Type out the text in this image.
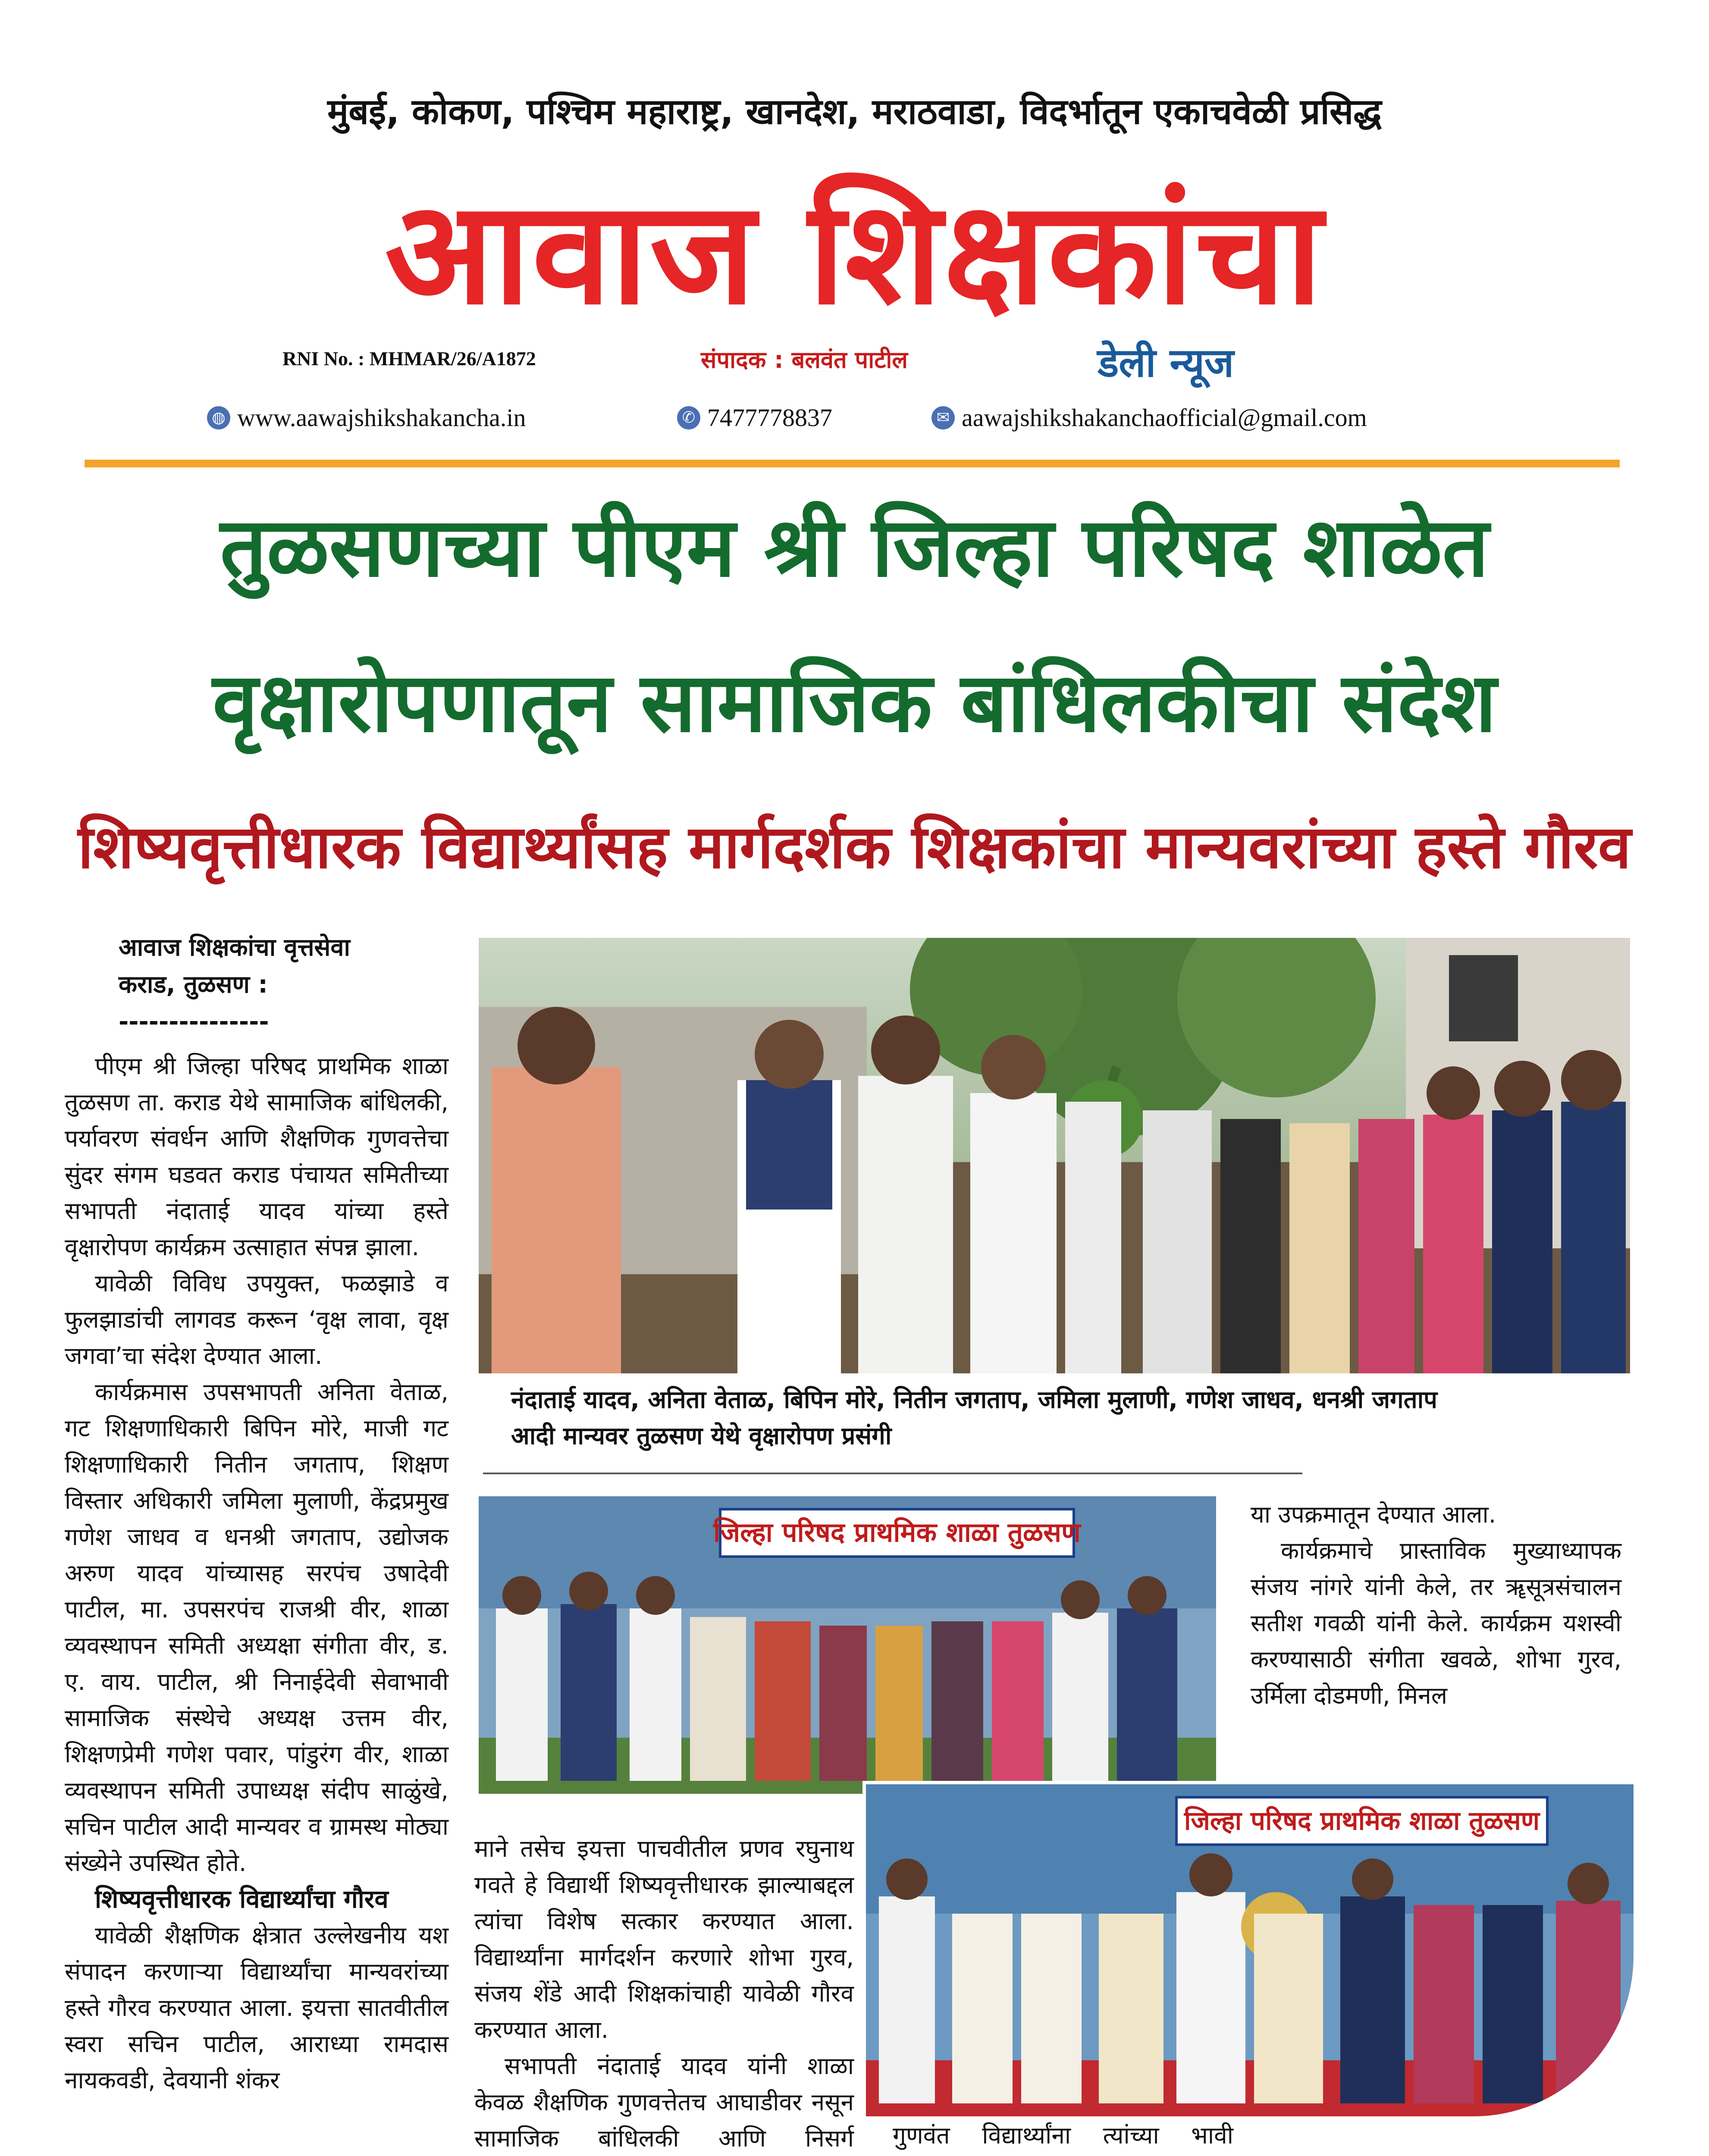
मुंबई, कोकण, पश्चिम महाराष्ट्र, खानदेश, मराठवाडा, विदर्भातून एकाचवेळी प्रसिद्ध
आवाज शिक्षकांचा
RNI No. : MHMAR/26/A1872	संपादक : बलवंत पाटील	डेली न्यूज
◍ www.aawajshikshakancha.in	✆ 7477778837	✉ aawajshikshakanchaofficial@gmail.com
तुळसणच्या पीएम श्री जिल्हा परिषद शाळेत
वृक्षारोपणातून सामाजिक बांधिलकीचा संदेश
शिष्यवृत्तीधारक विद्यार्थ्यांसह मार्गदर्शक शिक्षकांचा मान्यवरांच्या हस्ते गौरव
आवाज शिक्षकांचा वृत्तसेवा
कराड, तुळसण :
---------------

पीएम श्री जिल्हा परिषद प्राथमिक शाळा तुळसण ता. कराड येथे सामाजिक बांधिलकी, पर्यावरण संवर्धन आणि शैक्षणिक गुणवत्तेचा सुंदर संगम घडवत कराड पंचायत समितीच्या सभापती नंदाताई यादव यांच्या हस्ते वृक्षारोपण कार्यक्रम उत्साहात संपन्न झाला.

यावेळी विविध उपयुक्त, फळझाडे व फुलझाडांची लागवड करून ‘वृक्ष लावा, वृक्ष जगवा’चा संदेश देण्यात आला.

कार्यक्रमास उपसभापती अनिता वेताळ, गट शिक्षणाधिकारी बिपिन मोरे, माजी गट शिक्षणाधिकारी नितीन जगताप, शिक्षण विस्तार अधिकारी जमिला मुलाणी, केंद्रप्रमुख गणेश जाधव व धनश्री जगताप, उद्योजक अरुण यादव यांच्यासह सरपंच उषादेवी पाटील, मा. उपसरपंच राजश्री वीर, शाळा व्यवस्थापन समिती अध्यक्षा संगीता वीर, ड. ए. वाय. पाटील, श्री निनाईदेवी सेवाभावी सामाजिक संस्थेचे अध्यक्ष उत्तम वीर, शिक्षणप्रेमी गणेश पवार, पांडुरंग वीर, शाळा व्यवस्थापन समिती उपाध्यक्ष संदीप साळुंखे, सचिन पाटील आदी मान्यवर व ग्रामस्थ मोठ्या संख्येने उपस्थित होते.

शिष्यवृत्तीधारक विद्यार्थ्यांचा गौरव

यावेळी शैक्षणिक क्षेत्रात उल्लेखनीय यश संपादन करणाऱ्या विद्यार्थ्यांचा मान्यवरांच्या हस्ते गौरव करण्यात आला. इयत्ता सातवीतील स्वरा सचिन पाटील, आराध्या रामदास नायकवडी, देवयानी शंकर

नंदाताई यादव, अनिता वेताळ, बिपिन मोरे, नितीन जगताप, जमिला मुलाणी, गणेश जाधव, धनश्री जगताप
आदी मान्यवर तुळसण येथे वृक्षारोपण प्रसंगी
जिल्हा परिषद प्राथमिक शाळा तुळसण
जिल्हा परिषद प्राथमिक शाळा तुळसण

माने तसेच इयत्ता पाचवीतील प्रणव रघुनाथ गवते हे विद्यार्थी शिष्यवृत्तीधारक झाल्याबद्दल त्यांचा विशेष सत्कार करण्यात आला. विद्यार्थ्यांना मार्गदर्शन करणारे शोभा गुरव, संजय शेंडे आदी शिक्षकांचाही यावेळी गौरव करण्यात आला.

सभापती नंदाताई यादव यांनी शाळा केवळ शैक्षणिक गुणवत्तेतच आघाडीवर नसून सामाजिक बांधिलकी आणि निसर्ग	गुणवंत विद्यार्थ्यांना त्यांच्या भावी

या उपक्रमातून देण्यात आला.

कार्यक्रमाचे प्रास्ताविक मुख्याध्यापक संजय नांगरे यांनी केले, तर ॠसूत्रसंचालन सतीश गवळी यांनी केले. कार्यक्रम यशस्वी करण्यासाठी संगीता खवळे, शोभा गुरव, उर्मिला दोडमणी, मिनल
